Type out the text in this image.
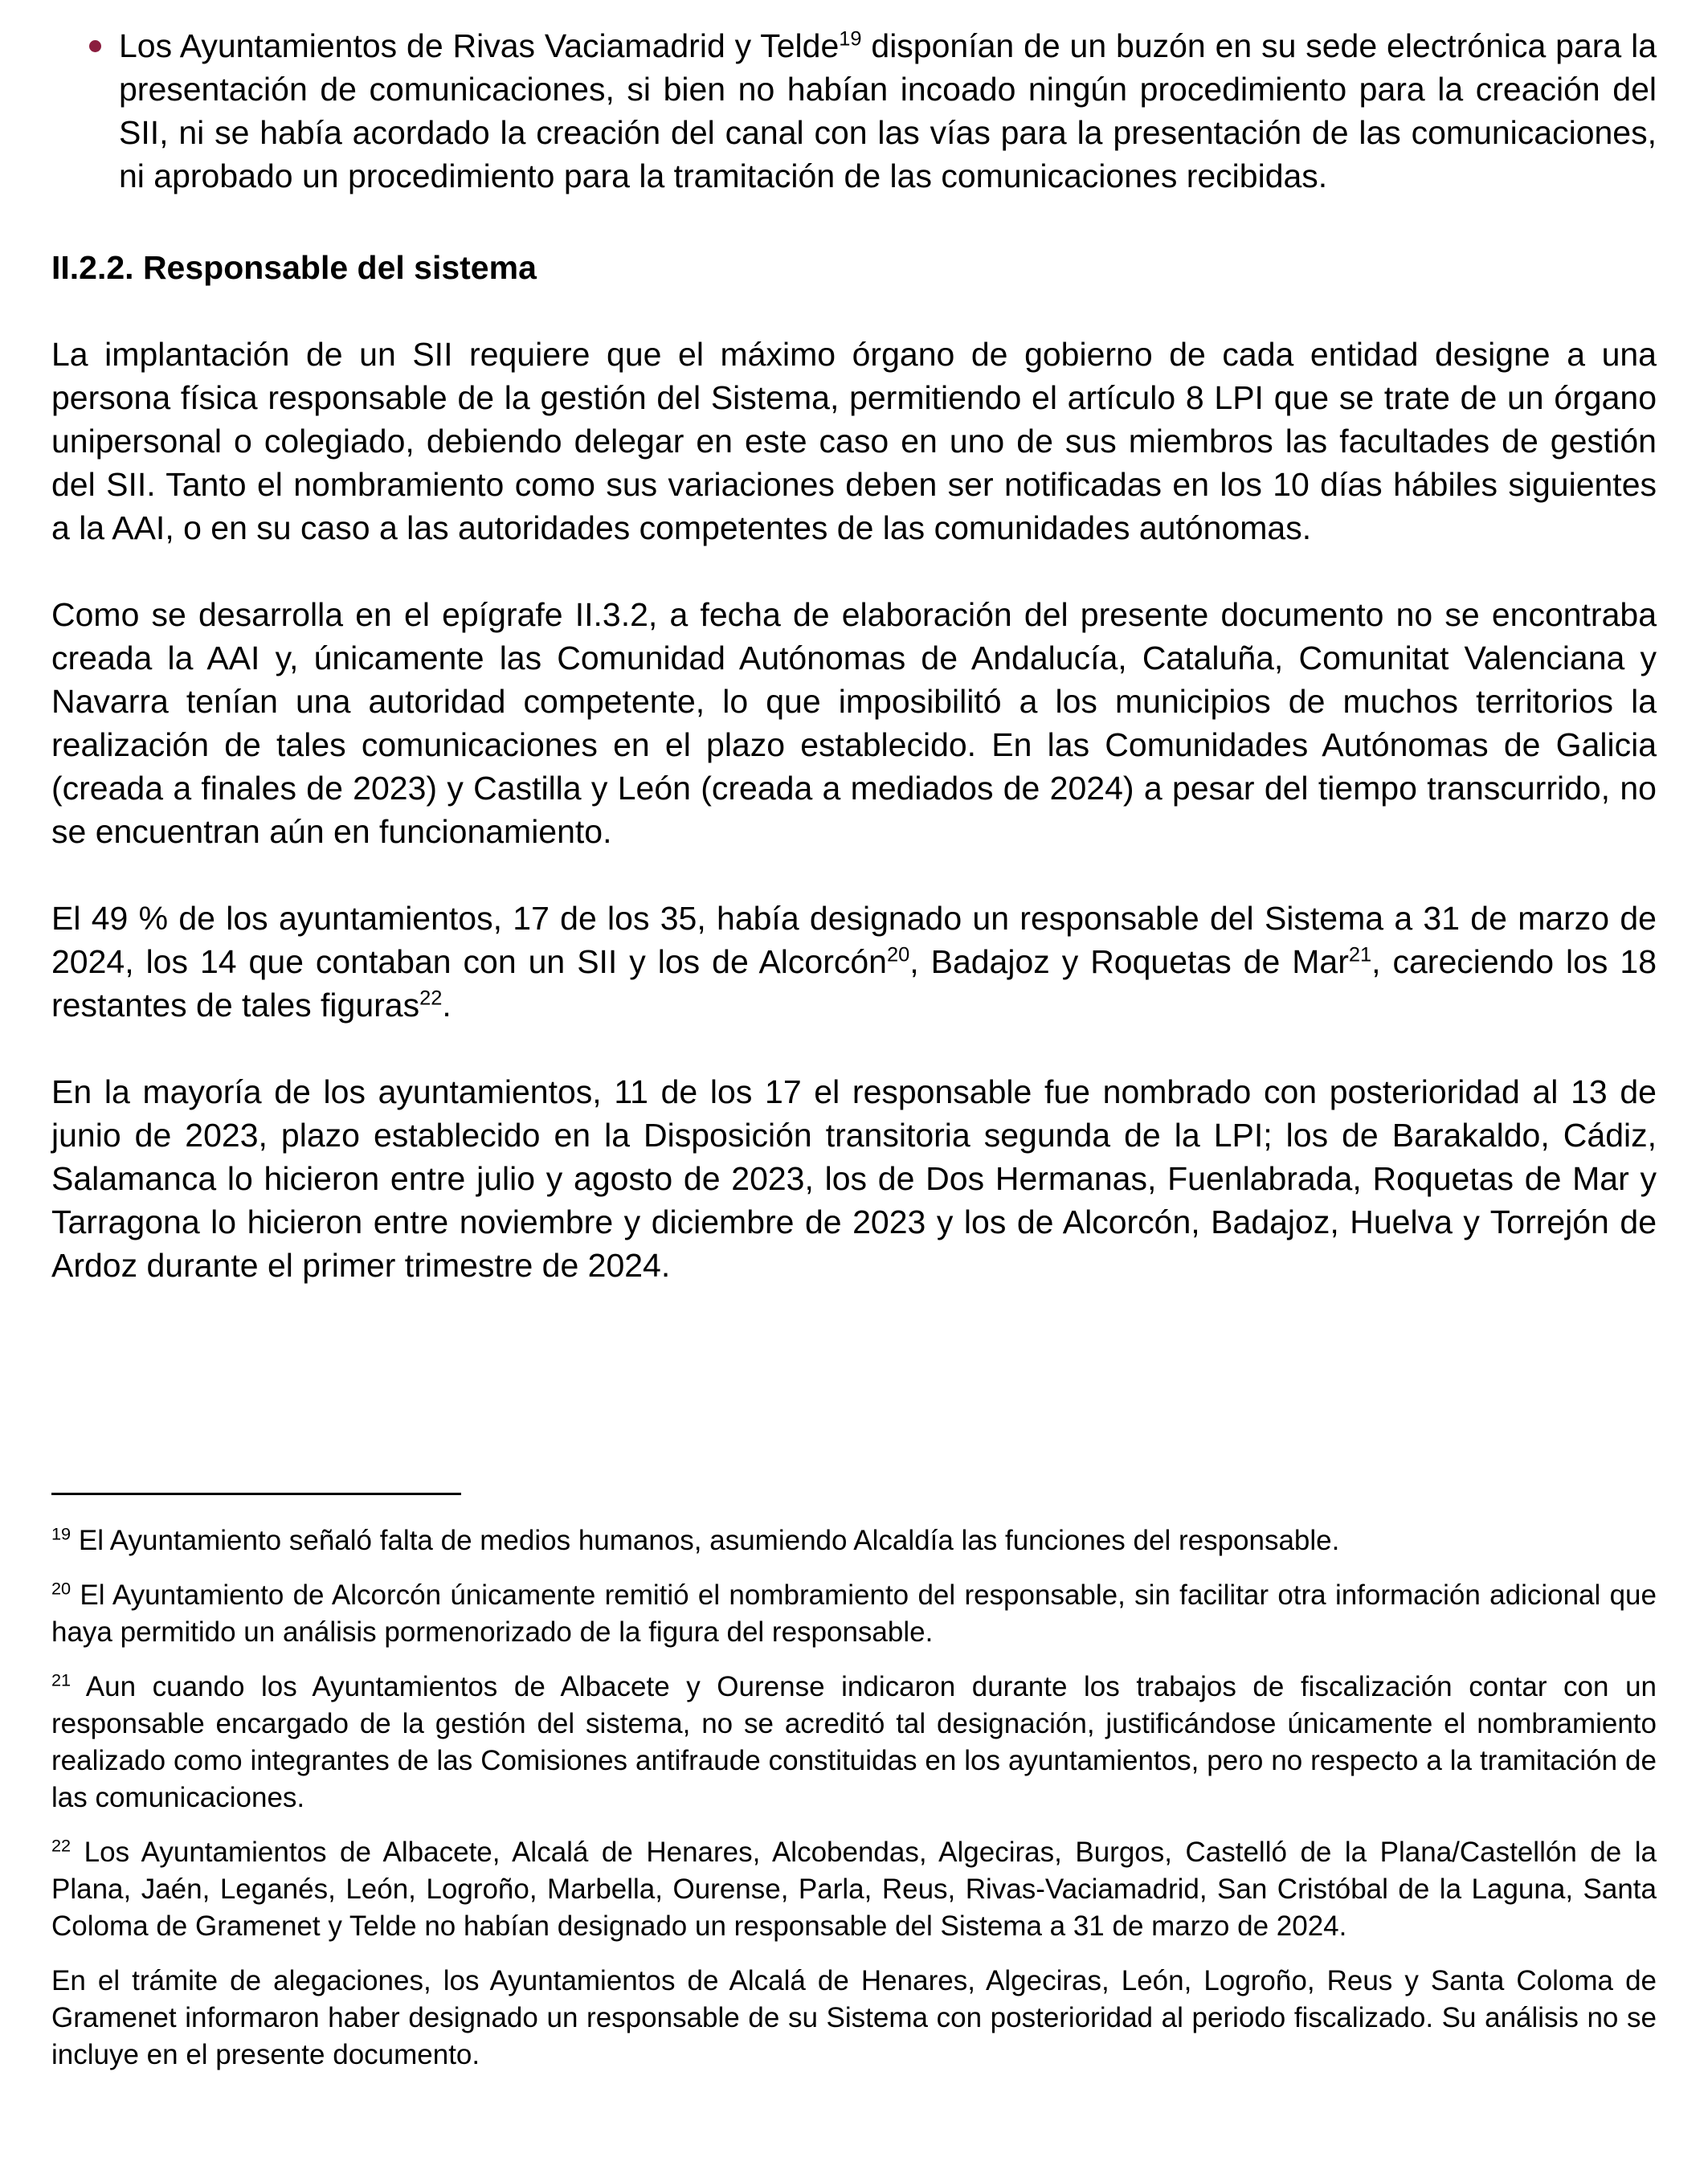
Los Ayuntamientos de Rivas Vaciamadrid y Telde$^{19}$ disponían de un buzón en su sede electrónica para la presentación de comunicaciones, si bien no habían incoado ningún procedimiento para la creación del SII, ni se había acordado la creación del canal con las vías para la presentación de las comunicaciones, ni aprobado un procedimiento para la tramitación de las comunicaciones recibidas.
II.2.2. Responsable del sistema

La implantación de un SII requiere que el máximo órgano de gobierno de cada entidad designe a una persona física responsable de la gestión del Sistema, permitiendo el artículo 8 LPI que se trate de un órgano unipersonal o colegiado, debiendo delegar en este caso en uno de sus miembros las facultades de gestión del SII. Tanto el nombramiento como sus variaciones deben ser notificadas en los 10 días hábiles siguientes a la AAI, o en su caso a las autoridades competentes de las comunidades autónomas.

Como se desarrolla en el epígrafe II.3.2, a fecha de elaboración del presente documento no se encontraba creada la AAI y, únicamente las Comunidad Autónomas de Andalucía, Cataluña, Comunitat Valenciana y Navarra tenían una autoridad competente, lo que imposibilitó a los municipios de muchos territorios la realización de tales comunicaciones en el plazo establecido. En las Comunidades Autónomas de Galicia (creada a finales de 2023) y Castilla y León (creada a mediados de 2024) a pesar del tiempo transcurrido, no se encuentran aún en funcionamiento.

El 49 % de los ayuntamientos, 17 de los 35, había designado un responsable del Sistema a 31 de marzo de 2024, los 14 que contaban con un SII y los de Alcorcón$^{20}$, Badajoz y Roquetas de Mar$^{21}$, careciendo los 18 restantes de tales figuras$^{22}$.

En la mayoría de los ayuntamientos, 11 de los 17 el responsable fue nombrado con posterioridad al 13 de junio de 2023, plazo establecido en la Disposición transitoria segunda de la LPI; los de Barakaldo, Cádiz, Salamanca lo hicieron entre julio y agosto de 2023, los de Dos Hermanas, Fuenlabrada, Roquetas de Mar y Tarragona lo hicieron entre noviembre y diciembre de 2023 y los de Alcorcón, Badajoz, Huelva y Torrejón de Ardoz durante el primer trimestre de 2024.

$^{19}$ El Ayuntamiento señaló falta de medios humanos, asumiendo Alcaldía las funciones del responsable.

$^{20}$ El Ayuntamiento de Alcorcón únicamente remitió el nombramiento del responsable, sin facilitar otra información adicional que haya permitido un análisis pormenorizado de la figura del responsable.

$^{21}$ Aun cuando los Ayuntamientos de Albacete y Ourense indicaron durante los trabajos de fiscalización contar con un responsable encargado de la gestión del sistema, no se acreditó tal designación, justificándose únicamente el nombramiento realizado como integrantes de las Comisiones antifraude constituidas en los ayuntamientos, pero no respecto a la tramitación de las comunicaciones.

$^{22}$ Los Ayuntamientos de Albacete, Alcalá de Henares, Alcobendas, Algeciras, Burgos, Castelló de la Plana/Castellón de la Plana, Jaén, Leganés, León, Logroño, Marbella, Ourense, Parla, Reus, Rivas-Vaciamadrid, San Cristóbal de la Laguna, Santa Coloma de Gramenet y Telde no habían designado un responsable del Sistema a 31 de marzo de 2024.

En el trámite de alegaciones, los Ayuntamientos de Alcalá de Henares, Algeciras, León, Logroño, Reus y Santa Coloma de Gramenet informaron haber designado un responsable de su Sistema con posterioridad al periodo fiscalizado. Su análisis no se incluye en el presente documento.
